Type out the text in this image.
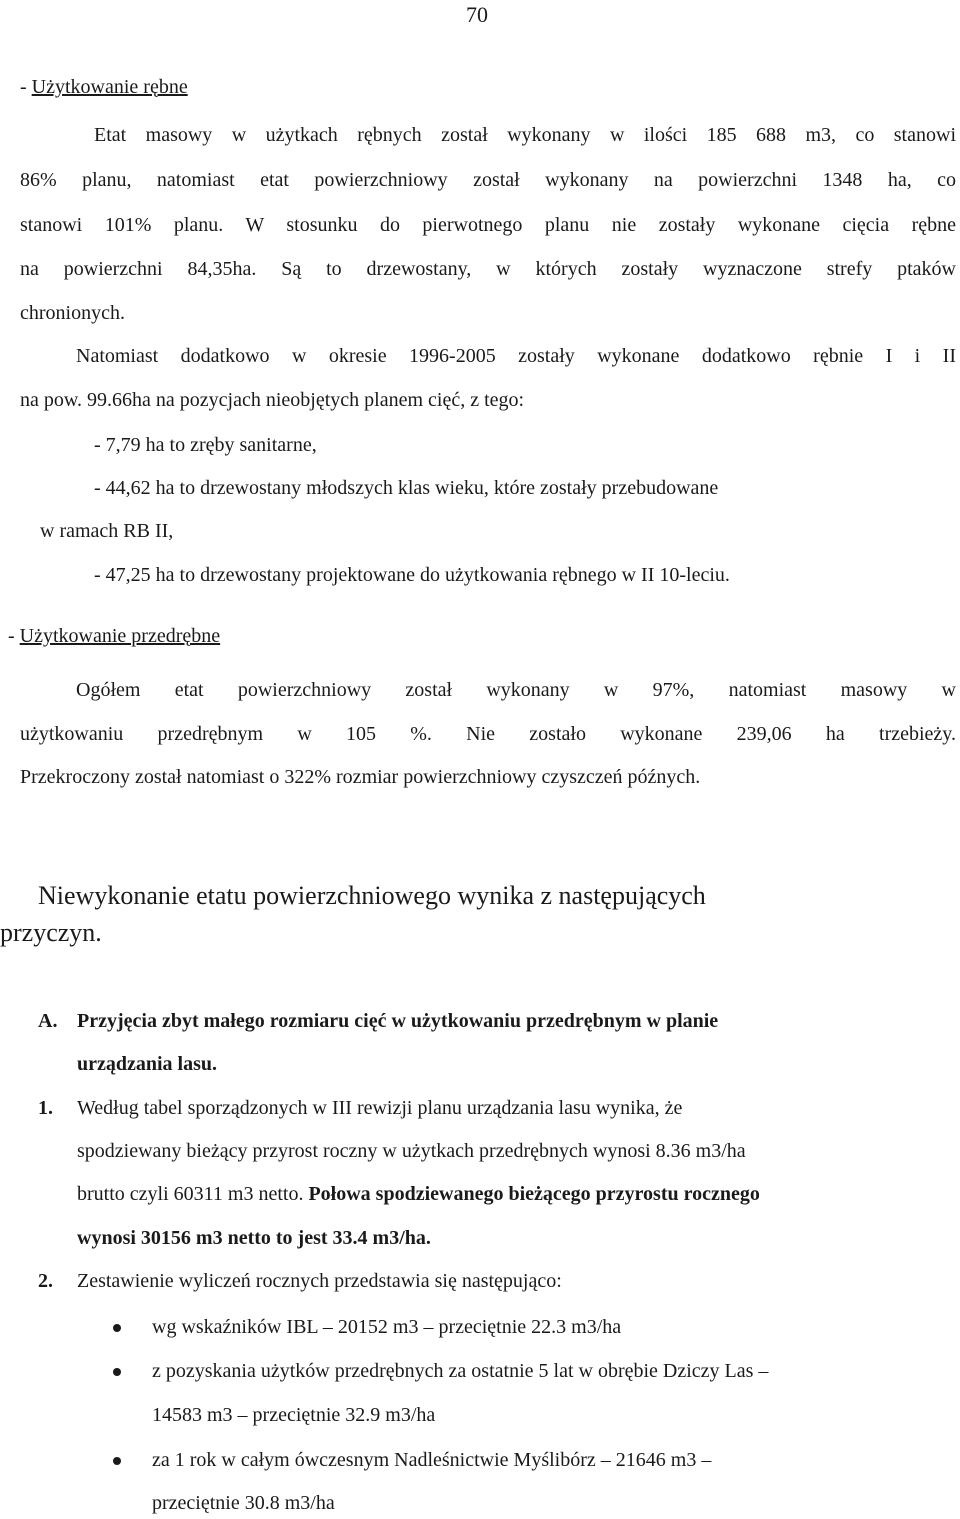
70
- Użytkowanie rębne
Etat masowy w użytkach rębnych został wykonany w ilości 185 688 m3, co stanowi
86% planu, natomiast etat powierzchniowy został wykonany na powierzchni 1348 ha, co
stanowi 101% planu. W stosunku do pierwotnego planu nie zostały wykonane cięcia rębne
na powierzchni 84,35ha. Są to drzewostany, w których zostały wyznaczone strefy ptaków
chronionych.
Natomiast dodatkowo w okresie 1996-2005 zostały wykonane dodatkowo rębnie I i II
na pow. 99.66ha na pozycjach nieobjętych planem cięć, z tego:
- 7,79 ha to zręby sanitarne,
- 44,62 ha to drzewostany młodszych klas wieku, które zostały przebudowane
w ramach RB II,
- 47,25 ha to drzewostany projektowane do użytkowania rębnego w II 10-leciu.
- Użytkowanie przedrębne
Ogółem etat powierzchniowy został wykonany w 97%, natomiast masowy w
użytkowaniu przedrębnym w 105 %. Nie zostało wykonane 239,06 ha trzebieży.
Przekroczony został natomiast o 322% rozmiar powierzchniowy czyszczeń późnych.
Niewykonanie etatu powierzchniowego wynika z następujących
przyczyn.
A. Przyjęcia zbyt małego rozmiaru cięć w użytkowaniu przedrębnym w planie
urządzania lasu.
1. Według tabel sporządzonych w III rewizji planu urządzania lasu wynika, że
spodziewany bieżący przyrost roczny w użytkach przedrębnych wynosi 8.36 m3/ha
brutto czyli 60311 m3 netto. Połowa spodziewanego bieżącego przyrostu rocznego
wynosi 30156 m3 netto to jest 33.4 m3/ha.
2. Zestawienie wyliczeń rocznych przedstawia się następująco:
wg wskaźników IBL – 20152 m3 – przeciętnie 22.3 m3/ha
z pozyskania użytków przedrębnych za ostatnie 5 lat w obrębie Dziczy Las –
14583 m3 – przeciętnie 32.9 m3/ha
za 1 rok w całym ówczesnym Nadleśnictwie Myślibórz – 21646 m3 –
przeciętnie 30.8 m3/ha
